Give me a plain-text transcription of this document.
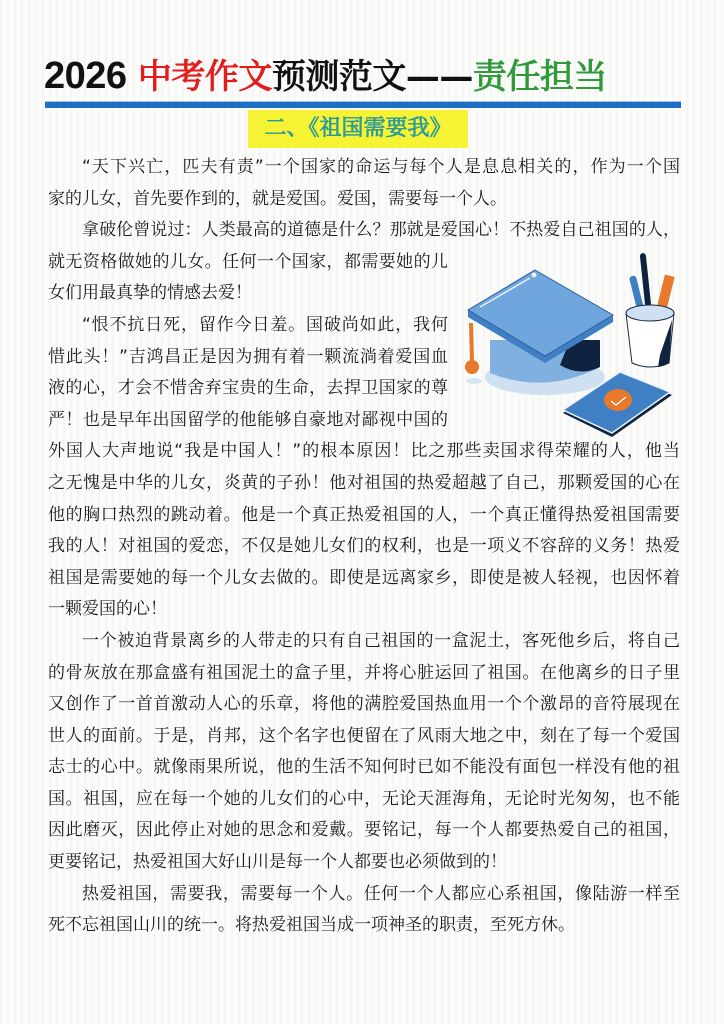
2026 中考作文预测范文——责任担当
二、《祖国需要我》
“天下兴亡，匹夫有责”一个国家的命运与每个人是息息相关的，作为一个国
家的儿女，首先要作到的，就是爱国。爱国，需要每一个人。
拿破伦曾说过：人类最高的道德是什么？那就是爱国心！不热爱自己祖国的人，
就无资格做她的儿女。任何一个国家，都需要她的儿
女们用最真挚的情感去爱！
“恨不抗日死，留作今日羞。国破尚如此，我何
惜此头！”吉鸿昌正是因为拥有着一颗流淌着爱国血
液的心，才会不惜舍弃宝贵的生命，去捍卫国家的尊
严！也是早年出国留学的他能够自豪地对鄙视中国的
外国人大声地说“我是中国人！”的根本原因！比之那些卖国求得荣耀的人，他当
之无愧是中华的儿女，炎黄的子孙！他对祖国的热爱超越了自己，那颗爱国的心在
他的胸口热烈的跳动着。他是一个真正热爱祖国的人，一个真正懂得热爱祖国需要
我的人！对祖国的爱恋，不仅是她儿女们的权利，也是一项义不容辞的义务！热爱
祖国是需要她的每一个儿女去做的。即使是远离家乡，即使是被人轻视，也因怀着
一颗爱国的心！
一个被迫背景离乡的人带走的只有自己祖国的一盒泥土，客死他乡后，将自己
的骨灰放在那盒盛有祖国泥土的盒子里，并将心脏运回了祖国。在他离乡的日子里
又创作了一首首激动人心的乐章，将他的满腔爱国热血用一个个激昂的音符展现在
世人的面前。于是，肖邦，这个名字也便留在了风雨大地之中，刻在了每一个爱国
志士的心中。就像雨果所说，他的生活不知何时已如不能没有面包一样没有他的祖
国。祖国，应在每一个她的儿女们的心中，无论天涯海角，无论时光匆匆，也不能
因此磨灭，因此停止对她的思念和爱戴。要铭记，每一个人都要热爱自己的祖国，
更要铭记，热爱祖国大好山川是每一个人都要也必须做到的！
热爱祖国，需要我，需要每一个人。任何一个人都应心系祖国，像陆游一样至
死不忘祖国山川的统一。将热爱祖国当成一项神圣的职责，至死方休。
